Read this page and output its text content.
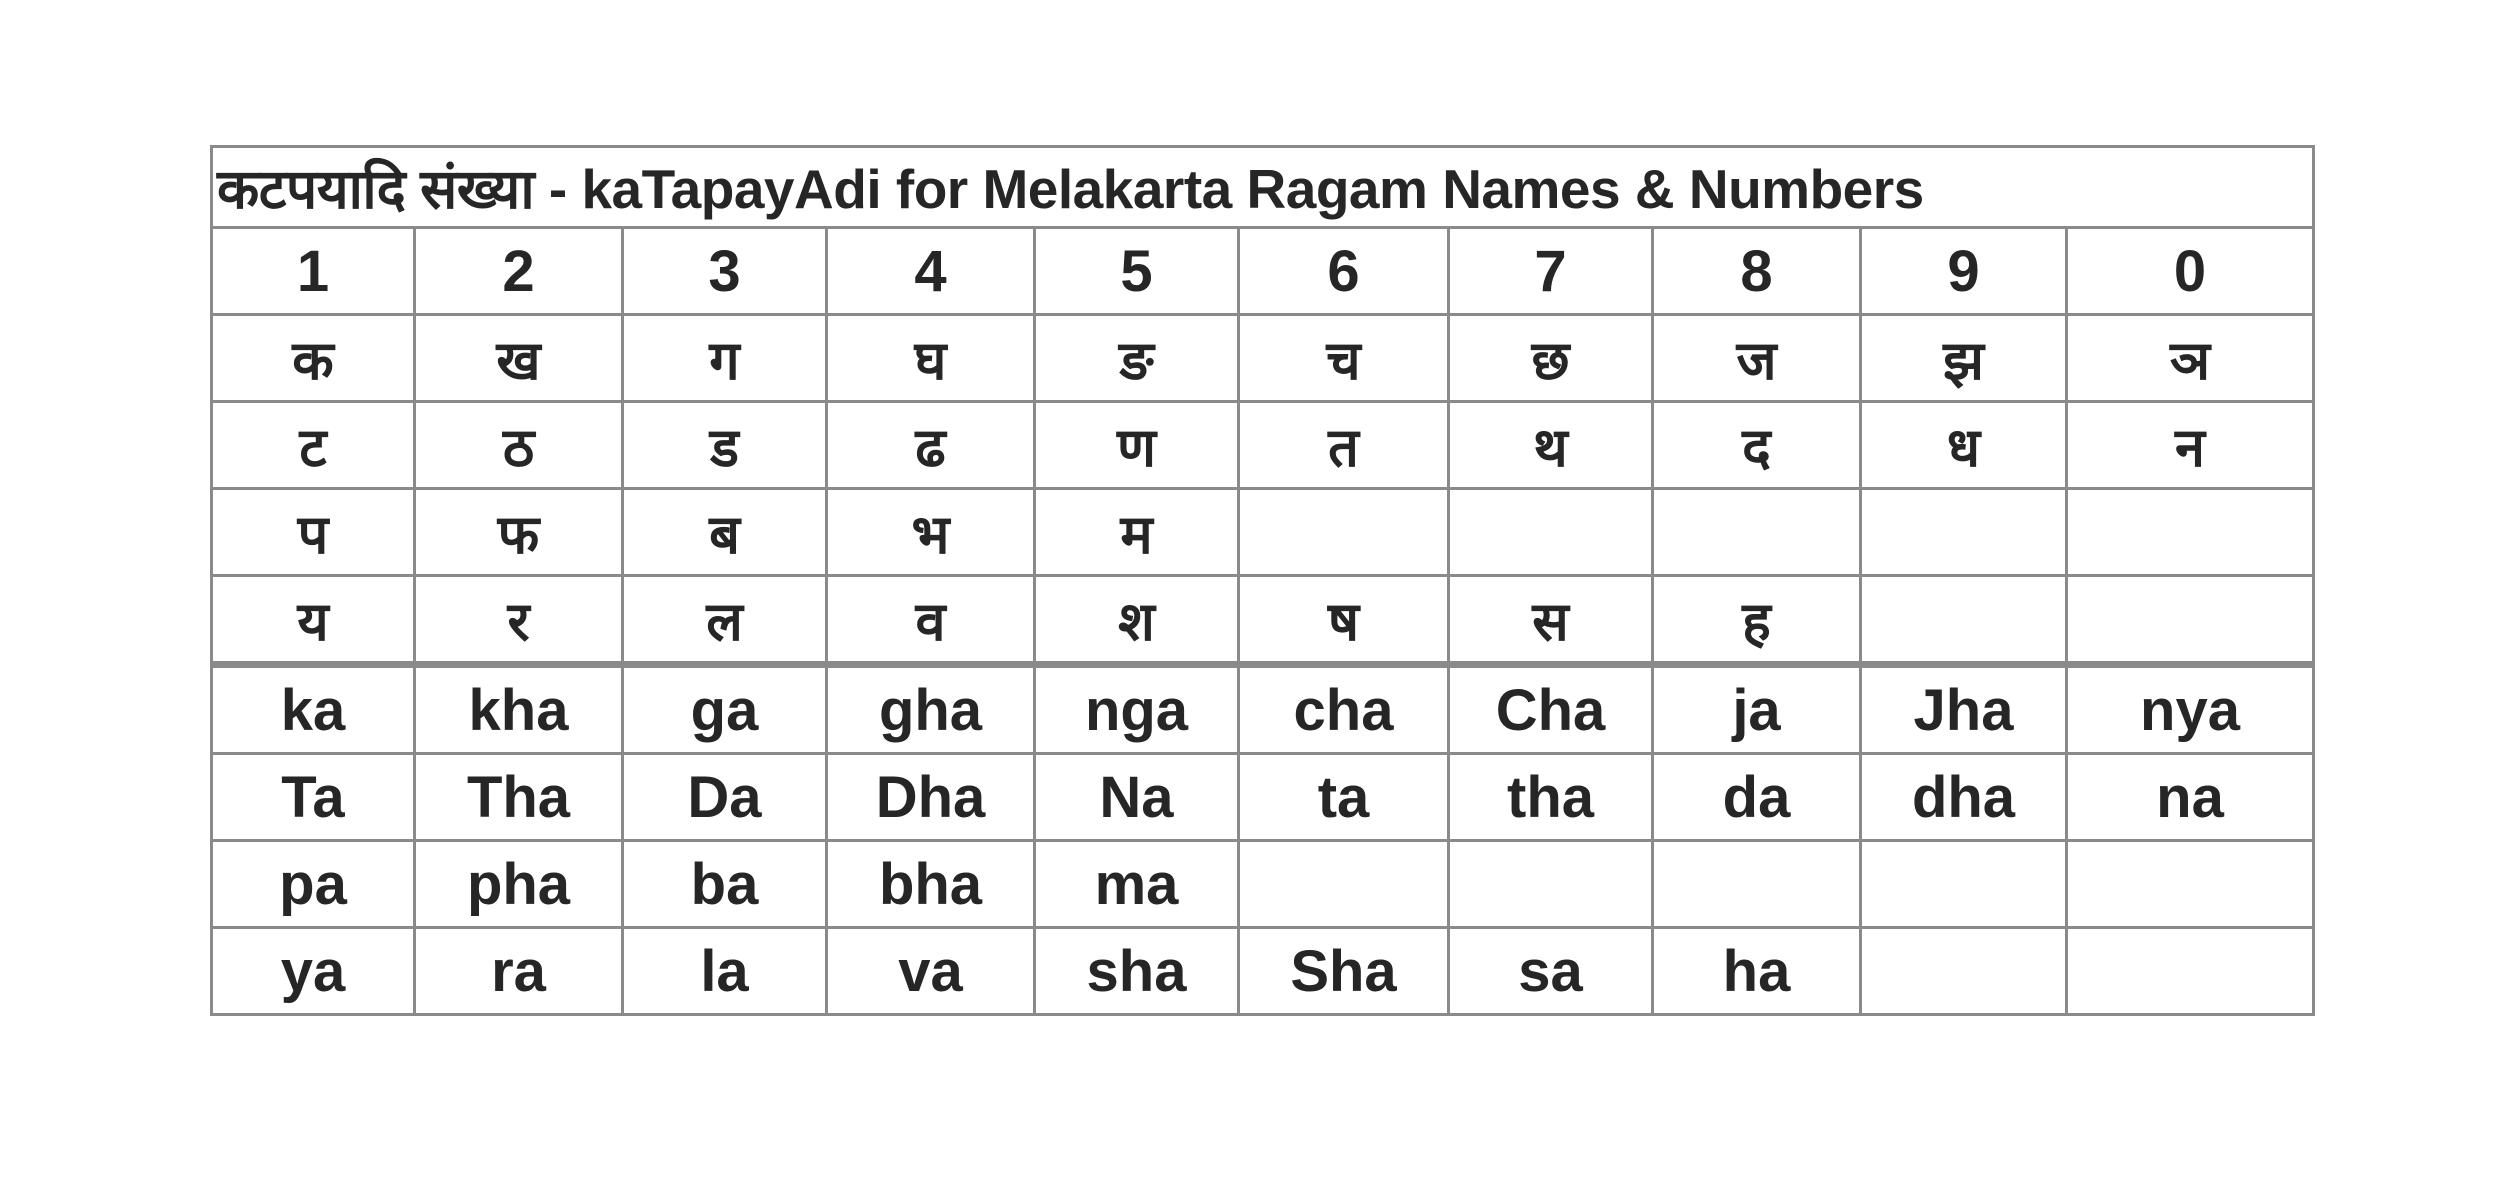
कटपयादि संख्या - kaTapayAdi for Melakarta Ragam Names & Numbers									
1	2	3	4	5	6	7	8	9	0
क	ख	ग	घ	ङ	च	छ	ज	झ	ञ
ट	ठ	ड	ढ	ण	त	थ	द	ध	न
प	फ	ब	भ	म					
य	र	ल	व	श	ष	स	ह		
ka	kha	ga	gha	nga	cha	Cha	ja	Jha	nya
Ta	Tha	Da	Dha	Na	ta	tha	da	dha	na
pa	pha	ba	bha	ma					
ya	ra	la	va	sha	Sha	sa	ha		
